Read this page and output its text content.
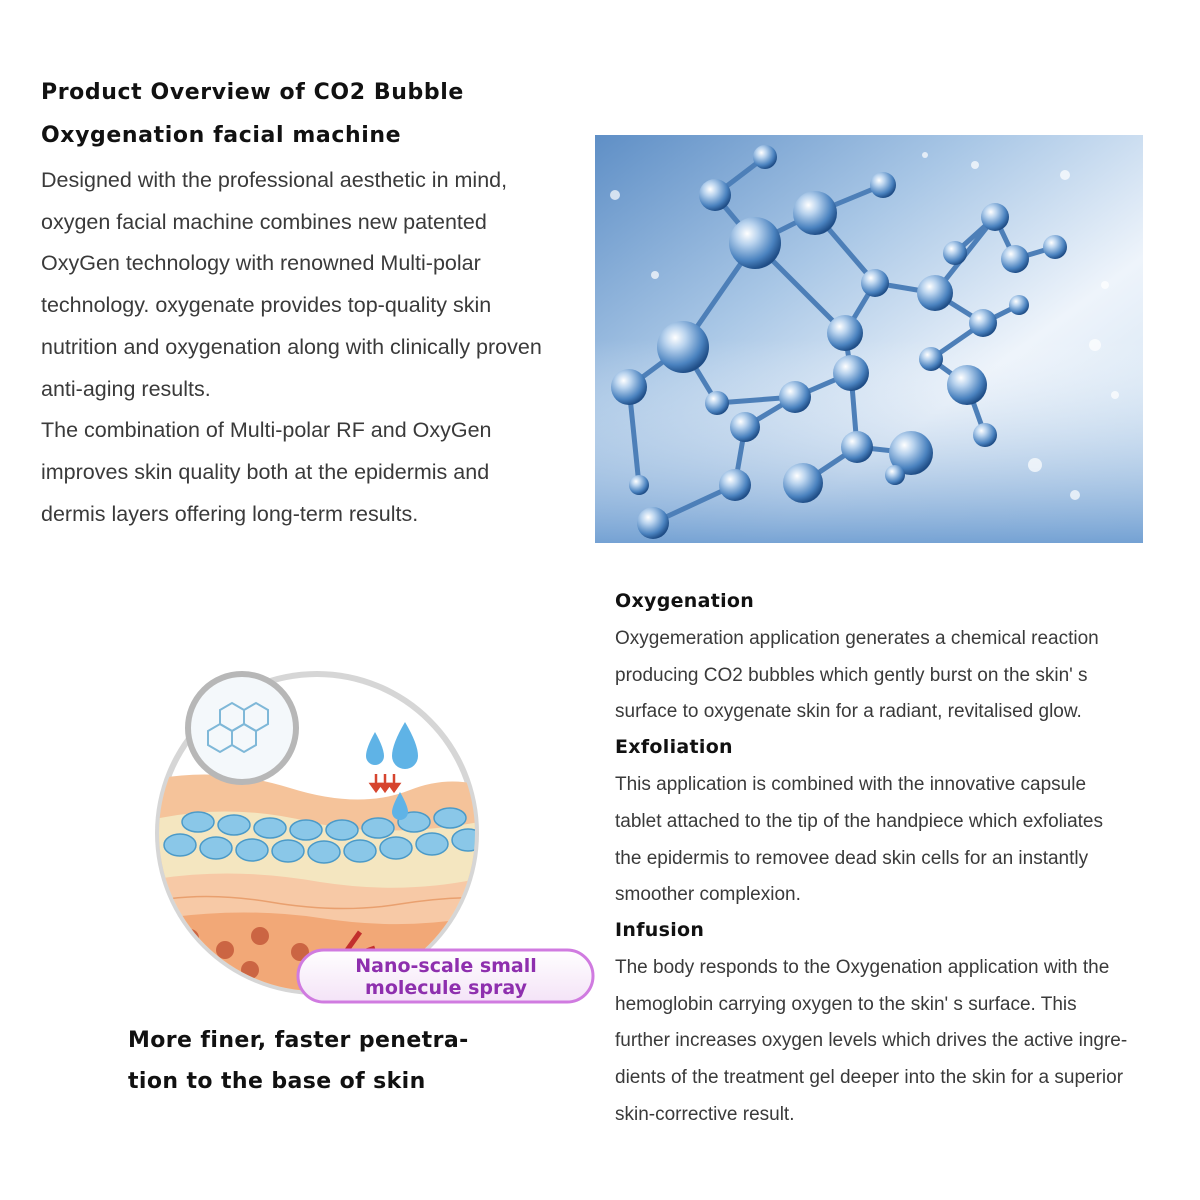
Product Overview of CO2 Bubble
Oxygenation facial machine

Designed with the professional aesthetic in mind,

oxygen facial machine combines new patented

OxyGen technology with renowned Multi-polar

technology. oxygenate provides top-quality skin

nutrition and oxygenation along with clinically proven

anti-aging results.

The combination of Multi-polar RF and OxyGen

improves skin quality both at the epidermis and

dermis layers offering long-term results.

Nano-scale small
molecule spray

More finer, faster penetra-

tion to the base of skin

Oxygenation

Oxygemeration application generates a chemical reaction

producing CO2 bubbles which gently burst on the skin' s

surface to oxygenate skin for a radiant, revitalised glow.

Exfoliation

This application is combined with the innovative capsule

tablet attached to the tip of the handpiece which exfoliates

the epidermis to removee dead skin cells for an instantly

smoother complexion.

Infusion

The body responds to the Oxygenation application with the

hemoglobin carrying oxygen to the skin' s surface. This

further increases oxygen levels which drives the active ingre-

dients of the treatment gel deeper into the skin for a superior

skin-corrective result.
